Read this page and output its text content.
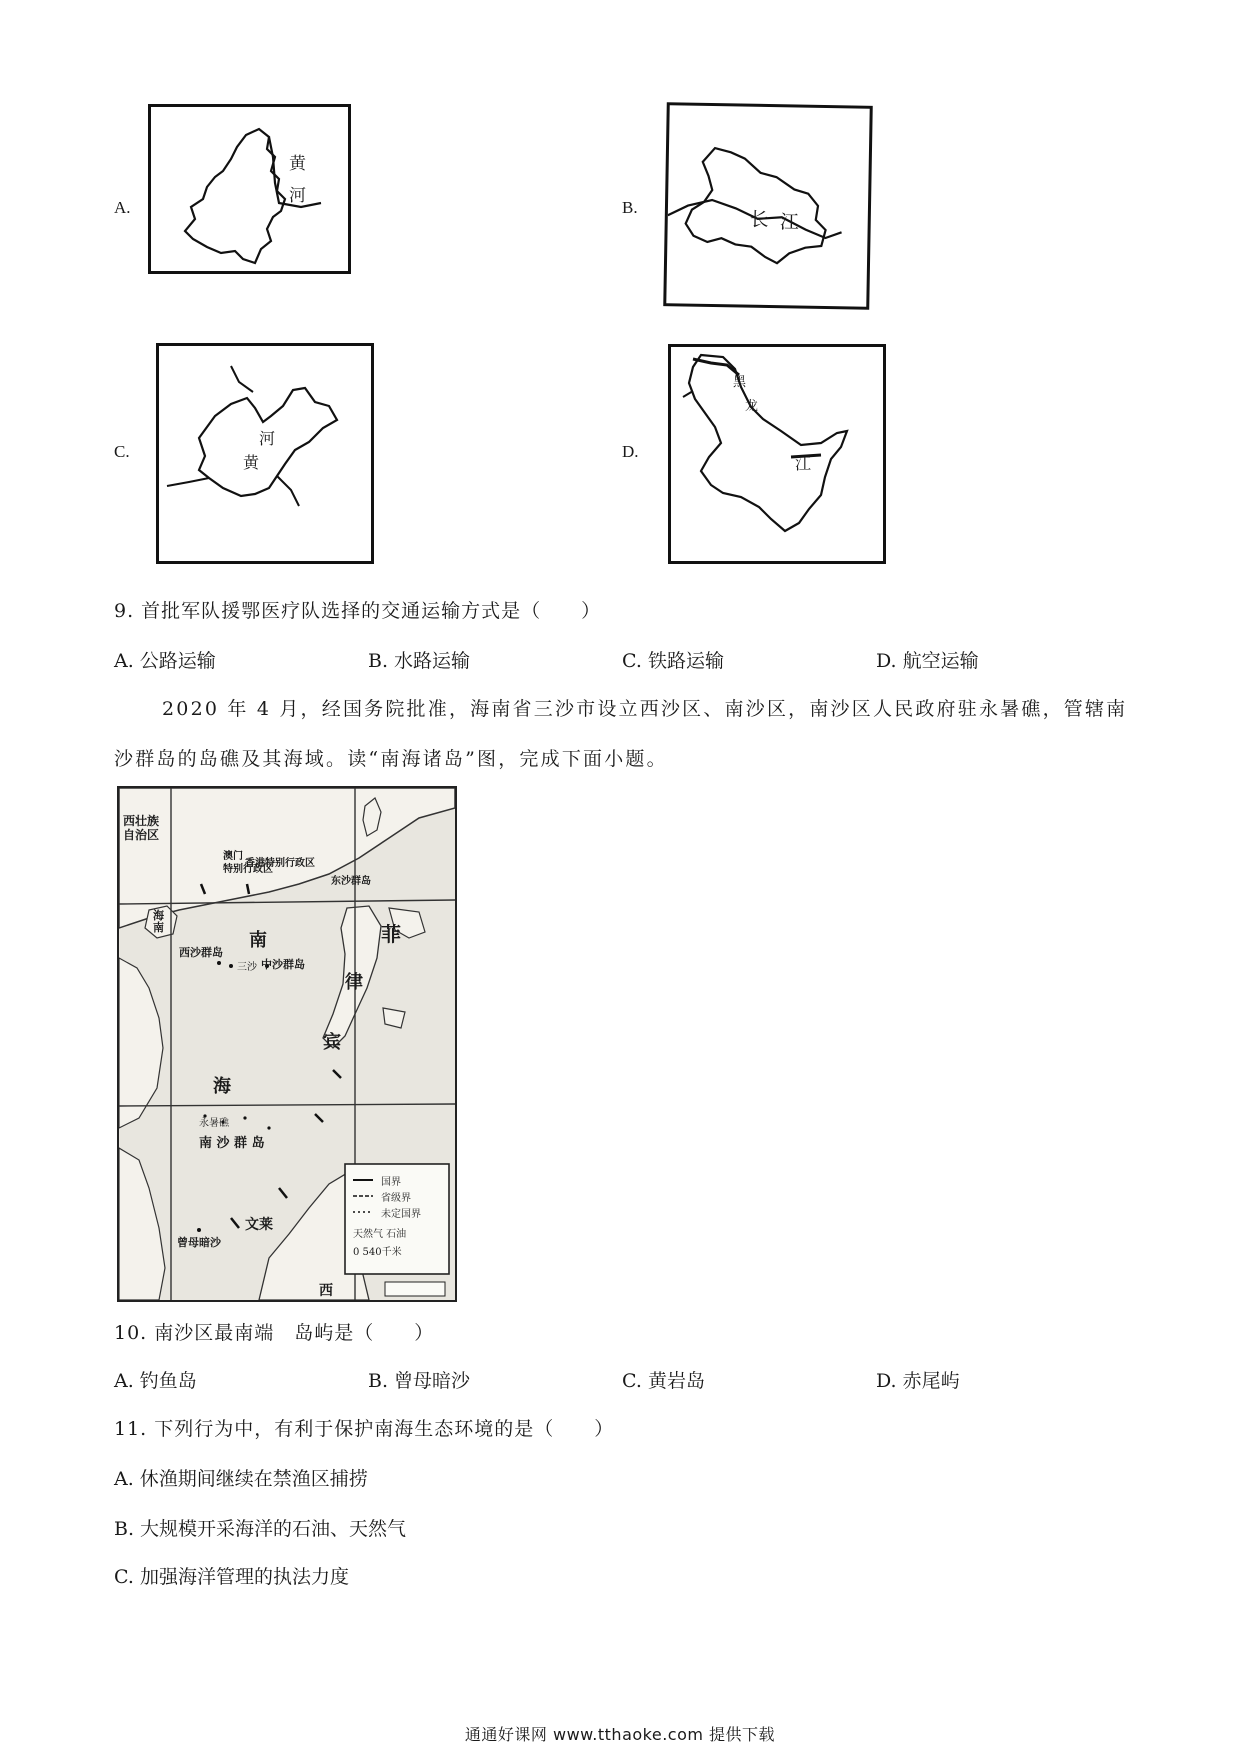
A.
黄
河
B.
长 江
C.
河
黄
D.
黑
龙
江
9. 首批军队援鄂医疗队选择的交通运输方式是（　　）
A. 公路运输	B. 水路运输	C. 铁路运输	D. 航空运输
2020 年 4 月，经国务院批准，海南省三沙市设立西沙区、南沙区，南沙区人民政府驻永暑礁，管辖南
沙群岛的岛礁及其海域。读“南海诸岛”图，完成下面小题。
西壮族
自治区
澳门
特别行政区
香港特别行政区
东沙群岛
海
南
西沙群岛
三沙 中沙群岛
南
海
菲
律
宾
南 沙 群 岛
永暑礁
曾母暗沙
文莱
西
国界
省级界
未定国界
天然气 石油
0 540千米
10. 南沙区最南端　岛屿是（　　）
A. 钓鱼岛	B. 曾母暗沙	C. 黄岩岛	D. 赤尾屿
11. 下列行为中，有利于保护南海生态环境的是（　　）
A. 休渔期间继续在禁渔区捕捞
B. 大规模开采海洋的石油、天然气
C. 加强海洋管理的执法力度
通通好课网 www.tthaoke.com 提供下载
